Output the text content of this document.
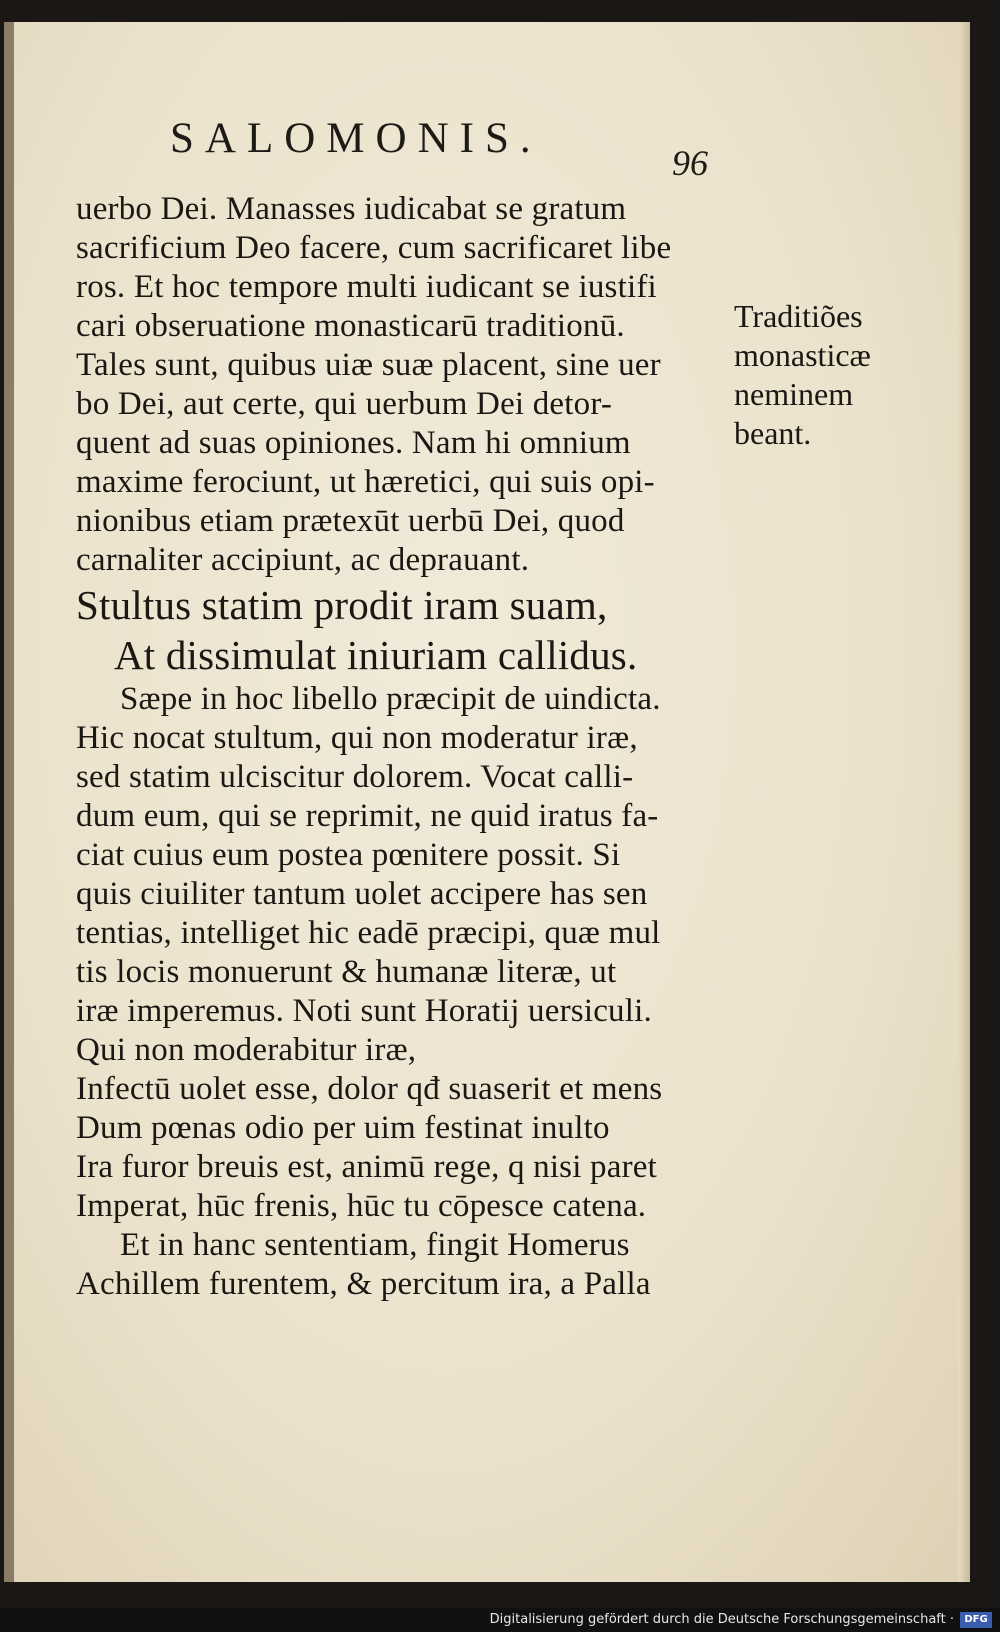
SALOMONIS.
96
uerbo Dei. Manasses iudicabat se gratum
sacrificium Deo facere, cum sacrificaret libe
ros. Et hoc tempore multi iudicant se iustifi
cari obseruatione monasticarū traditionū.
Tales sunt, quibus uiæ suæ placent, sine uer
bo Dei, aut certe, qui uerbum Dei detor-
quent ad suas opiniones. Nam hi omnium
maxime ferociunt, ut hæretici, qui suis opi-
nionibus etiam prætexūt uerbū Dei, quod
carnaliter accipiunt, ac deprauant.
Stultus statim prodit iram suam,
At dissimulat iniuriam callidus.
Sæpe in hoc libello præcipit de uindicta.
Hic nocat stultum, qui non moderatur iræ,
sed statim ulciscitur dolorem. Vocat calli-
dum eum, qui se reprimit, ne quid iratus fa-
ciat cuius eum postea pœnitere possit. Si
quis ciuiliter tantum uolet accipere has sen
tentias, intelliget hic eadē præcipi, quæ mul
tis locis monuerunt & humanæ literæ, ut
iræ imperemus. Noti sunt Horatij uersiculi.
Qui non moderabitur iræ,
Infectū uolet esse, dolor qđ suaserit et mens
Dum pœnas odio per uim festinat inulto
Ira furor breuis est, animū rege, q nisi paret
Imperat, hūc frenis, hūc tu cōpesce catena.
Et in hanc sententiam, fingit Homerus
Achillem furentem, & percitum ira, a Palla
Traditiões
monasticæ
neminem
beant.
Digitalisierung gefördert durch die Deutsche Forschungsgemeinschaft ·	DFG
